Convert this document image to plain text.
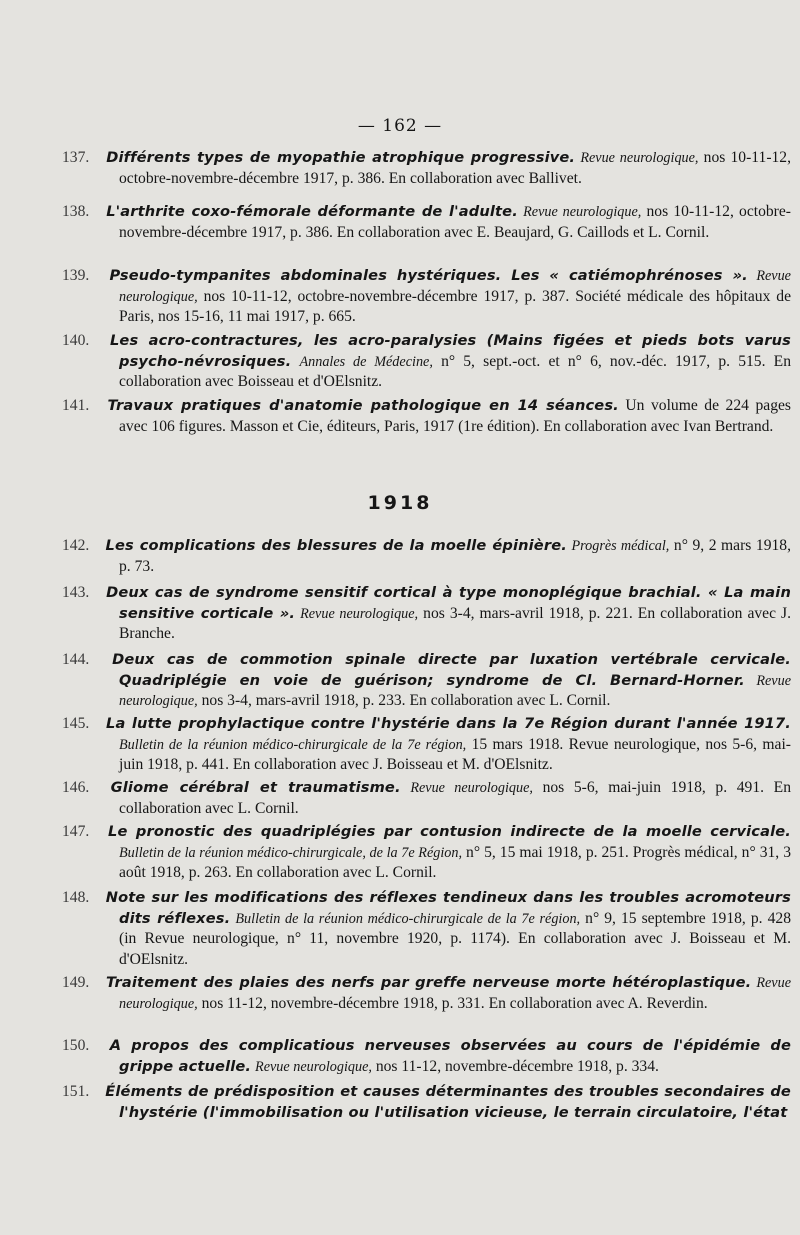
— 162 —
137. Différents types de myopathie atrophique progressive. Revue neurologique, nos 10-11-12, octobre-novembre-décembre 1917, p. 386. En collaboration avec Ballivet.
138. L'arthrite coxo-fémorale déformante de l'adulte. Revue neurologique, nos 10-11-12, octobre-novembre-décembre 1917, p. 386. En collaboration avec E. Beaujard, G. Caillods et L. Cornil.
139. Pseudo-tympanites abdominales hystériques. Les « catiémophrénoses ». Revue neurologique, nos 10-11-12, octobre-novembre-décembre 1917, p. 387. Société médicale des hôpitaux de Paris, nos 15-16, 11 mai 1917, p. 665.
140. Les acro-contractures, les acro-paralysies (Mains figées et pieds bots varus psycho-névrosiques. Annales de Médecine, n° 5, sept.-oct. et n° 6, nov.-déc. 1917, p. 515. En collaboration avec Boisseau et d'OElsnitz.
141. Travaux pratiques d'anatomie pathologique en 14 séances. Un volume de 224 pages avec 106 figures. Masson et Cie, éditeurs, Paris, 1917 (1re édition). En collaboration avec Ivan Bertrand.
1918
142. Les complications des blessures de la moelle épinière. Progrès médical, n° 9, 2 mars 1918, p. 73.
143. Deux cas de syndrome sensitif cortical à type monoplégique brachial. « La main sensitive corticale ». Revue neurologique, nos 3-4, mars-avril 1918, p. 221. En collaboration avec J. Branche.
144. Deux cas de commotion spinale directe par luxation vertébrale cervicale. Quadriplégie en voie de guérison; syndrome de Cl. Bernard-Horner. Revue neurologique, nos 3-4, mars-avril 1918, p. 233. En collaboration avec L. Cornil.
145. La lutte prophylactique contre l'hystérie dans la 7e Région durant l'année 1917. Bulletin de la réunion médico-chirurgicale de la 7e région, 15 mars 1918. Revue neurologique, nos 5-6, mai-juin 1918, p. 441. En collaboration avec J. Boisseau et M. d'OElsnitz.
146. Gliome cérébral et traumatisme. Revue neurologique, nos 5-6, mai-juin 1918, p. 491. En collaboration avec L. Cornil.
147. Le pronostic des quadriplégies par contusion indirecte de la moelle cervicale. Bulletin de la réunion médico-chirurgicale, de la 7e Région, n° 5, 15 mai 1918, p. 251. Progrès médical, n° 31, 3 août 1918, p. 263. En collaboration avec L. Cornil.
148. Note sur les modifications des réflexes tendineux dans les troubles acromoteurs dits réflexes. Bulletin de la réunion médico-chirurgicale de la 7e région, n° 9, 15 septembre 1918, p. 428 (in Revue neurologique, n° 11, novembre 1920, p. 1174). En collaboration avec J. Boisseau et M. d'OElsnitz.
149. Traitement des plaies des nerfs par greffe nerveuse morte hétéroplastique. Revue neurologique, nos 11-12, novembre-décembre 1918, p. 331. En collaboration avec A. Reverdin.
150. A propos des complicatious nerveuses observées au cours de l'épidémie de grippe actuelle. Revue neurologique, nos 11-12, novembre-décembre 1918, p. 334.
151. Éléments de prédisposition et causes déterminantes des troubles secondaires de l'hystérie (l'immobilisation ou l'utilisation vicieuse, le terrain circulatoire, l'état
